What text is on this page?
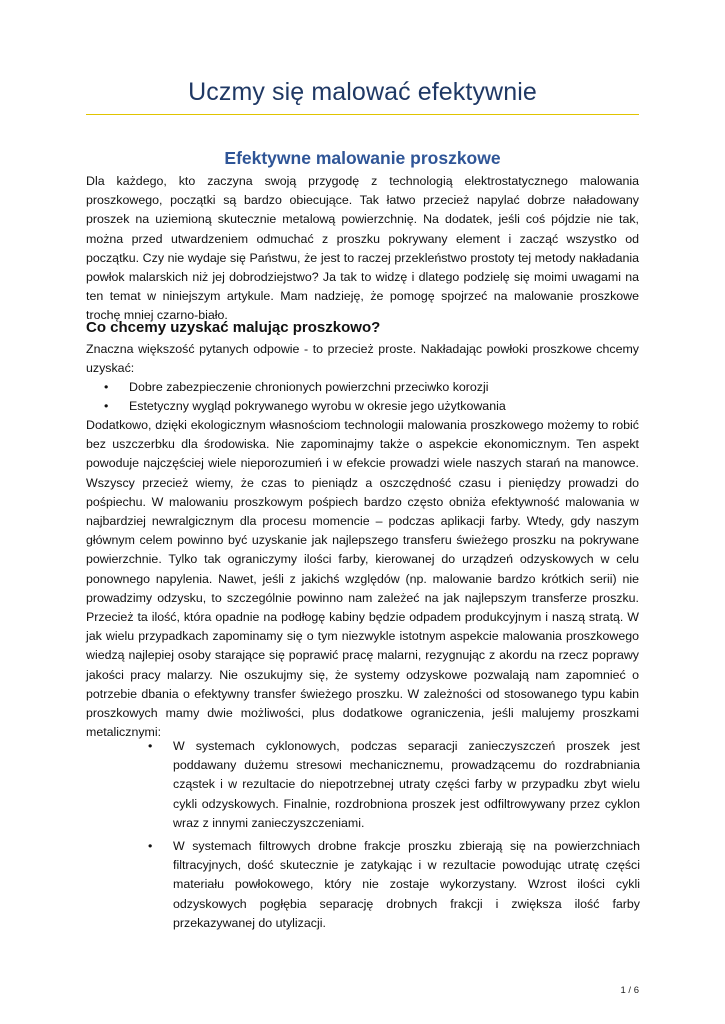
Uczmy się malować efektywnie
Efektywne malowanie proszkowe
Dla każdego, kto zaczyna swoją przygodę z technologią elektrostatycznego malowania proszkowego, początki są bardzo obiecujące. Tak łatwo przecież napylać dobrze naładowany proszek na uziemioną skutecznie metalową powierzchnię. Na dodatek, jeśli coś pójdzie nie tak, można przed utwardzeniem odmuchać z proszku pokrywany element i zacząć wszystko od początku. Czy nie wydaje się Państwu, że jest to raczej przekleństwo prostoty tej metody nakładania powłok malarskich niż jej dobrodziejstwo? Ja tak to widzę i dlatego podzielę się moimi uwagami na ten temat w niniejszym artykule. Mam nadzieję, że pomogę spojrzeć na malowanie proszkowe trochę mniej czarno-biało.
Co chcemy uzyskać malując proszkowo?
Znaczna większość pytanych odpowie - to przecież proste. Nakładając powłoki proszkowe chcemy uzyskać:
• Dobre zabezpieczenie chronionych powierzchni przeciwko korozji
• Estetyczny wygląd pokrywanego wyrobu w okresie jego użytkowania
Dodatkowo, dzięki ekologicznym własnościom technologii malowania proszkowego możemy to robić bez uszczerbku dla środowiska. Nie zapominajmy także o aspekcie ekonomicznym. Ten aspekt powoduje najczęściej wiele nieporozumień i w efekcie prowadzi wiele naszych starań na manowce. Wszyscy przecież wiemy, że czas to pieniądz a oszczędność czasu i pieniędzy prowadzi do pośpiechu. W malowaniu proszkowym pośpiech bardzo często obniża efektywność malowania w najbardziej newralgicznym dla procesu momencie – podczas aplikacji farby. Wtedy, gdy naszym głównym celem powinno być uzyskanie jak najlepszego transferu świeżego proszku na pokrywane powierzchnie. Tylko tak ograniczymy ilości farby, kierowanej do urządzeń odzyskowych w celu ponownego napylenia. Nawet, jeśli z jakichś względów (np. malowanie bardzo krótkich serii) nie prowadzimy odzysku, to szczególnie powinno nam zależeć na jak najlepszym transferze proszku. Przecież ta ilość, która opadnie na podłogę kabiny będzie odpadem produkcyjnym i naszą stratą. W jak wielu przypadkach zapominamy się o tym niezwykle istotnym aspekcie malowania proszkowego wiedzą najlepiej osoby starające się poprawić pracę malarni, rezygnując z akordu na rzecz poprawy jakości pracy malarzy. Nie oszukujmy się, że systemy odzyskowe pozwalają nam zapomnieć o potrzebie dbania o efektywny transfer świeżego proszku. W zależności od stosowanego typu kabin proszkowych mamy dwie możliwości, plus dodatkowe ograniczenia, jeśli malujemy proszkami metalicznymi:
• W systemach cyklonowych, podczas separacji zanieczyszczeń proszek jest poddawany dużemu stresowi mechanicznemu, prowadzącemu do rozdrabniania cząstek i w rezultacie do niepotrzebnej utraty części farby w przypadku zbyt wielu cykli odzyskowych. Finalnie, rozdrobniona proszek jest odfiltrowywany przez cyklon wraz z innymi zanieczyszczeniami.
• W systemach filtrowych drobne frakcje proszku zbierają się na powierzchniach filtracyjnych, dość skutecznie je zatykając i w rezultacie powodując utratę części materiału powłokowego, który nie zostaje wykorzystany. Wzrost ilości cykli odzyskowych pogłębia separację drobnych frakcji i zwiększa ilość farby przekazywanej do utylizacji.
1 / 6
